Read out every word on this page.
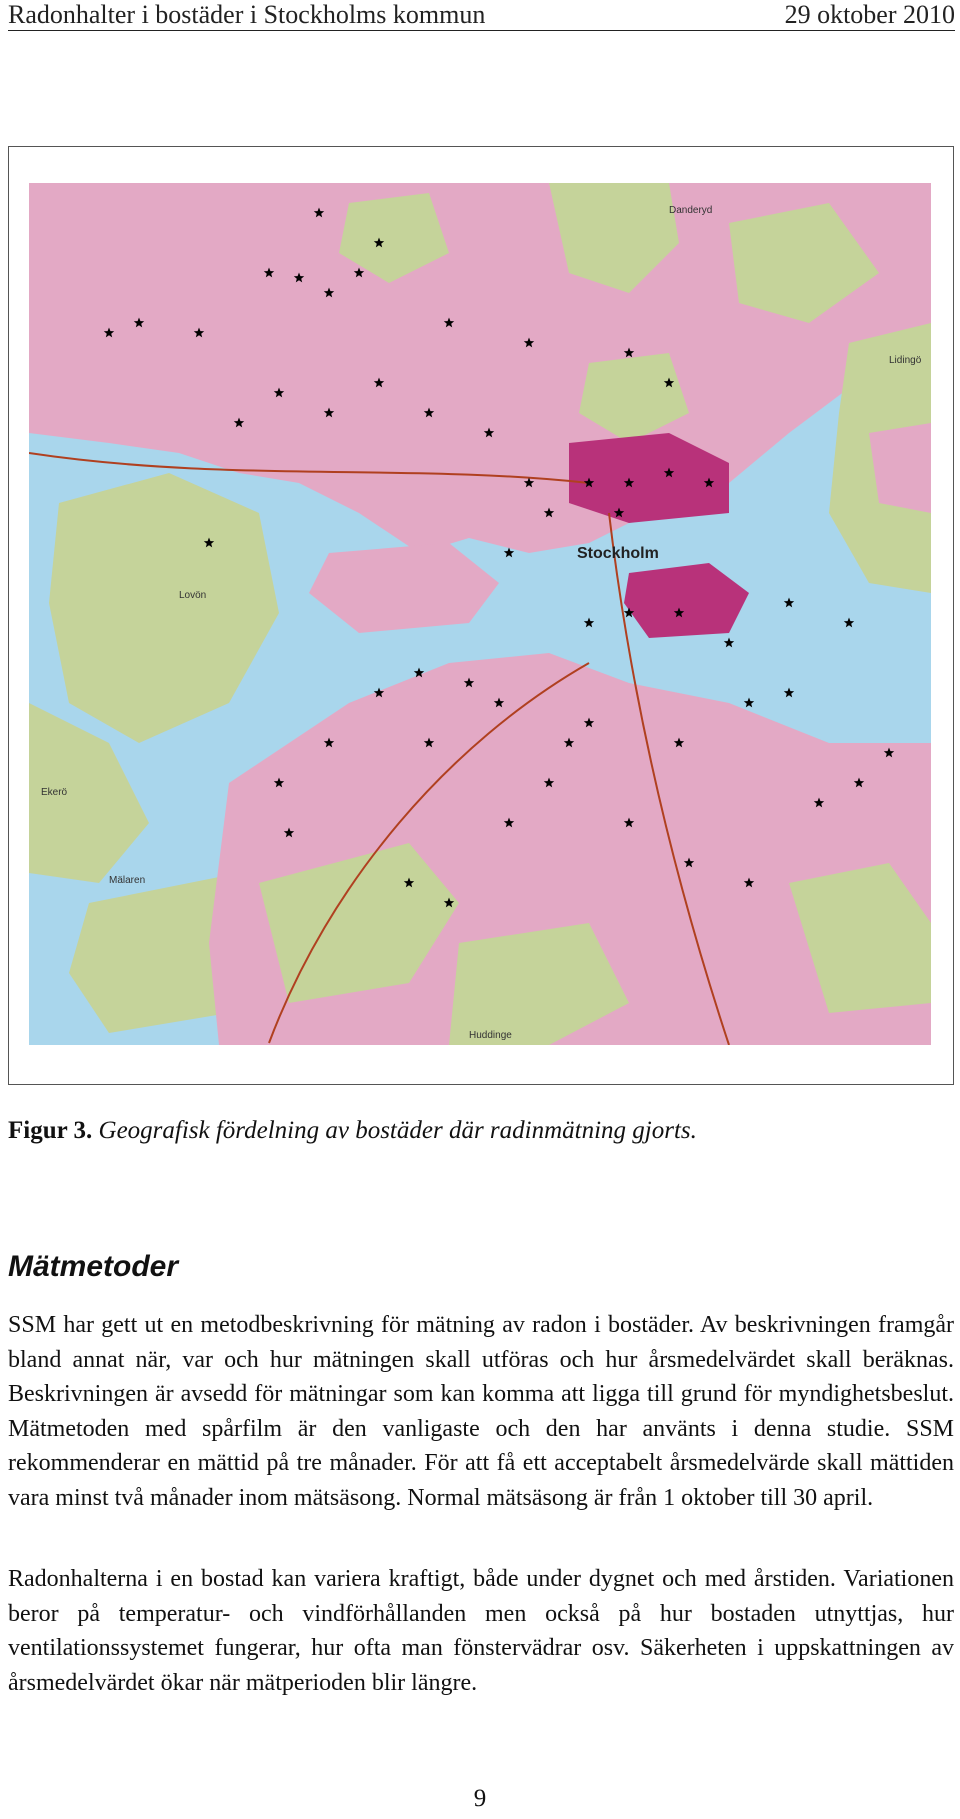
Radonhalter i bostäder i Stockholms kommun	29 oktober 2010
Stockholm
Danderyd
Lidingö
Lovön
Ekerö
Mälaren
Huddinge
Figur 3. Geografisk fördelning av bostäder där radinmätning gjorts.
Mätmetoder

SSM har gett ut en metodbeskrivning för mätning av radon i bostäder. Av beskrivningen framgår bland annat när, var och hur mätningen skall utföras och hur årsmedelvärdet skall beräknas. Beskrivningen är avsedd för mätningar som kan komma att ligga till grund för myndighetsbeslut. Mätmetoden med spårfilm är den vanligaste och den har använts i denna studie. SSM rekommenderar en mättid på tre månader. För att få ett acceptabelt årsmedelvärde skall mättiden vara minst två månader inom mätsäsong. Normal mätsäsong är från 1 oktober till 30 april.

Radonhalterna i en bostad kan variera kraftigt, både under dygnet och med årstiden. Variationen beror på temperatur- och vindförhållanden men också på hur bostaden utnyttjas, hur ventilationssystemet fungerar, hur ofta man fönstervädrar osv. Säkerheten i uppskattningen av årsmedelvärdet ökar när mätperioden blir längre.

9
